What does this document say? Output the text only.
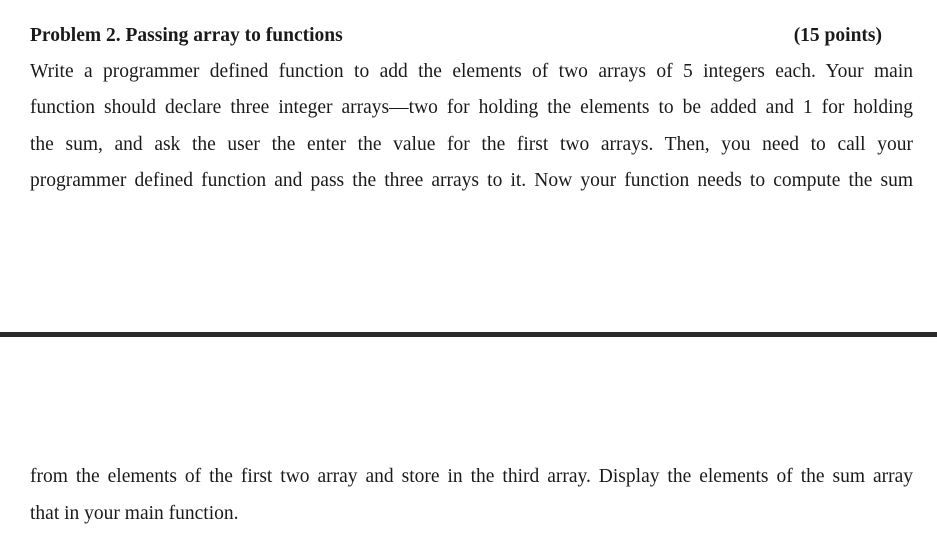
Problem 2. Passing array to functions	(15 points)
Write a programmer defined function to add the elements of two arrays of 5 integers each. Your main
function should declare three integer arrays—two for holding the elements to be added and 1 for holding
the sum, and ask the user the enter the value for the first two arrays. Then, you need to call your
programmer defined function and pass the three arrays to it. Now your function needs to compute the sum
from the elements of the first two array and store in the third array. Display the elements of the sum array
that in your main function.
